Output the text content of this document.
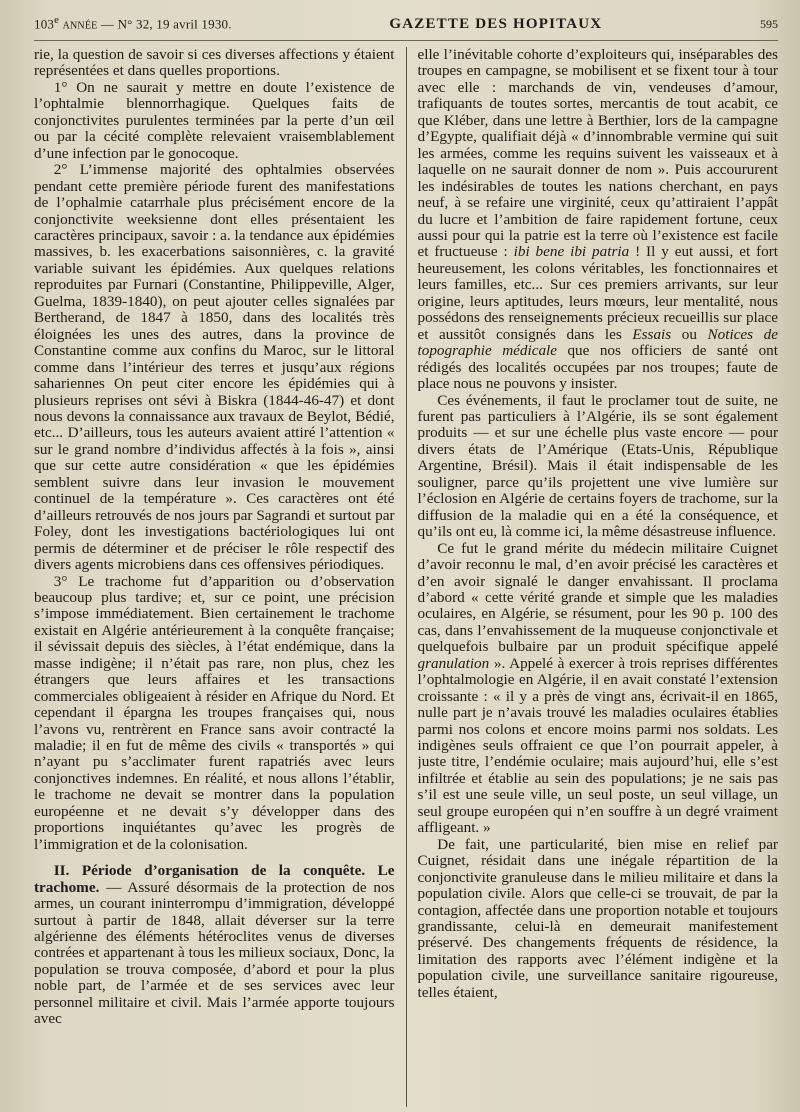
103e ANNÉE — N° 32, 19 avril 1930.	GAZETTE DES HOPITAUX	595

rie, la question de savoir si ces diverses affections y étaient représentées et dans quelles proportions.

1° On ne saurait y mettre en doute l’existence de l’ophtalmie blennorrhagique. Quelques faits de conjonctivites purulentes terminées par la perte d’un œil ou par la cécité complète relevaient vraisemblablement d’une infection par le gonocoque.

2° L’immense majorité des ophtalmies observées pendant cette première période furent des manifestations de l’ophalmie catarrhale plus précisément encore de la conjonctivite weeksienne dont elles présentaient les caractères principaux, savoir : a. la tendance aux épidémies massives, b. les exacerbations saisonnières, c. la gravité variable suivant les épidémies. Aux quelques relations reproduites par Furnari (Constantine, Philippeville, Alger, Guelma, 1839-1840), on peut ajouter celles signalées par Bertherand, de 1847 à 1850, dans des localités très éloignées les unes des autres, dans la province de Constantine comme aux confins du Maroc, sur le littoral comme dans l’intérieur des terres et jusqu’aux régions sahariennes On peut citer encore les épidémies qui à plusieurs reprises ont sévi à Biskra (1844-46-47) et dont nous devons la connaissance aux travaux de Beylot, Bédié, etc... D’ailleurs, tous les auteurs avaient attiré l’attention « sur le grand nombre d’individus affectés à la fois », ainsi que sur cette autre considération « que les épidémies semblent suivre dans leur invasion le mouvement continuel de la température ». Ces caractères ont été d’ailleurs retrouvés de nos jours par Sagrandi et surtout par Foley, dont les investigations bactériologiques lui ont permis de déterminer et de préciser le rôle respectif des divers agents microbiens dans ces offensives périodiques.

3° Le trachome fut d’apparition ou d’observation beaucoup plus tardive; et, sur ce point, une précision s’impose immédiatement. Bien certainement le trachome existait en Algérie antérieurement à la conquête française; il sévissait depuis des siècles, à l’état endémique, dans la masse indigène; il n’était pas rare, non plus, chez les étrangers que leurs affaires et les transactions commerciales obligeaient à résider en Afrique du Nord. Et cependant il épargna les troupes françaises qui, nous l’avons vu, rentrèrent en France sans avoir contracté la maladie; il en fut de même des civils « transportés » qui n’ayant pu s’acclimater furent rapatriés avec leurs conjonctives indemnes. En réalité, et nous allons l’établir, le trachome ne devait se montrer dans la population européenne et ne devait s’y développer dans des proportions inquiétantes qu’avec les progrès de l’immigration et de la colonisation.

II. Période d’organisation de la conquête. Le trachome. — Assuré désormais de la protection de nos armes, un courant ininterrompu d’immigration, développé surtout à partir de 1848, allait déverser sur la terre algérienne des éléments hétéroclites venus de diverses contrées et appartenant à tous les milieux sociaux, Donc, la population se trouva composée, d’abord et pour la plus noble part, de l’armée et de ses services avec leur personnel militaire et civil. Mais l’armée apporte toujours avec

elle l’inévitable cohorte d’exploiteurs qui, inséparables des troupes en campagne, se mobilisent et se fixent tour à tour avec elle : marchands de vin, vendeuses d’amour, trafiquants de toutes sortes, mercantis de tout acabit, ce que Kléber, dans une lettre à Berthier, lors de la campagne d’Egypte, qualifiait déjà « d’innombrable vermine qui suit les armées, comme les requins suivent les vaisseaux et à laquelle on ne saurait donner de nom ». Puis accoururent les indésirables de toutes les nations cherchant, en pays neuf, à se refaire une virginité, ceux qu’attiraient l’appât du lucre et l’ambition de faire rapidement fortune, ceux aussi pour qui la patrie est la terre où l’existence est facile et fructueuse : ibi bene ibi patria ! Il y eut aussi, et fort heureusement, les colons véritables, les fonctionnaires et leurs familles, etc... Sur ces premiers arrivants, sur leur origine, leurs aptitudes, leurs mœurs, leur mentalité, nous possédons des renseignements précieux recueillis sur place et aussitôt consignés dans les Essais ou Notices de topographie médicale que nos officiers de santé ont rédigés des localités occupées par nos troupes; faute de place nous ne pouvons y insister.

Ces événements, il faut le proclamer tout de suite, ne furent pas particuliers à l’Algérie, ils se sont également produits — et sur une échelle plus vaste encore — pour divers états de l’Amérique (Etats-Unis, République Argentine, Brésil). Mais il était indispensable de les souligner, parce qu’ils projettent une vive lumière sur l’éclosion en Algérie de certains foyers de trachome, sur la diffusion de la maladie qui en a été la conséquence, et qu’ils ont eu, là comme ici, la même désastreuse influence.

Ce fut le grand mérite du médecin militaire Cuignet d’avoir reconnu le mal, d’en avoir précisé les caractères et d’en avoir signalé le danger envahissant. Il proclama d’abord « cette vérité grande et simple que les maladies oculaires, en Algérie, se résument, pour les 90 p. 100 des cas, dans l’envahissement de la muqueuse conjonctivale et quelquefois bulbaire par un produit spécifique appelé granulation ». Appelé à exercer à trois reprises différentes l’ophtalmologie en Algérie, il en avait constaté l’extension croissante : « il y a près de vingt ans, écrivait-il en 1865, nulle part je n’avais trouvé les maladies oculaires établies parmi nos colons et encore moins parmi nos soldats. Les indigènes seuls offraient ce que l’on pourrait appeler, à juste titre, l’endémie oculaire; mais aujourd’hui, elle s’est infiltrée et établie au sein des populations; je ne sais pas s’il est une seule ville, un seul poste, un seul village, un seul groupe européen qui n’en souffre à un degré vraiment affligeant. »

De fait, une particularité, bien mise en relief par Cuignet, résidait dans une inégale répartition de la conjonctivite granuleuse dans le milieu militaire et dans la population civile. Alors que celle-ci se trouvait, de par la contagion, affectée dans une proportion notable et toujours grandissante, celui-là en demeurait manifestement préservé. Des changements fréquents de résidence, la limitation des rapports avec l’élément indigène et la population civile, une surveillance sanitaire rigoureuse, telles étaient,
